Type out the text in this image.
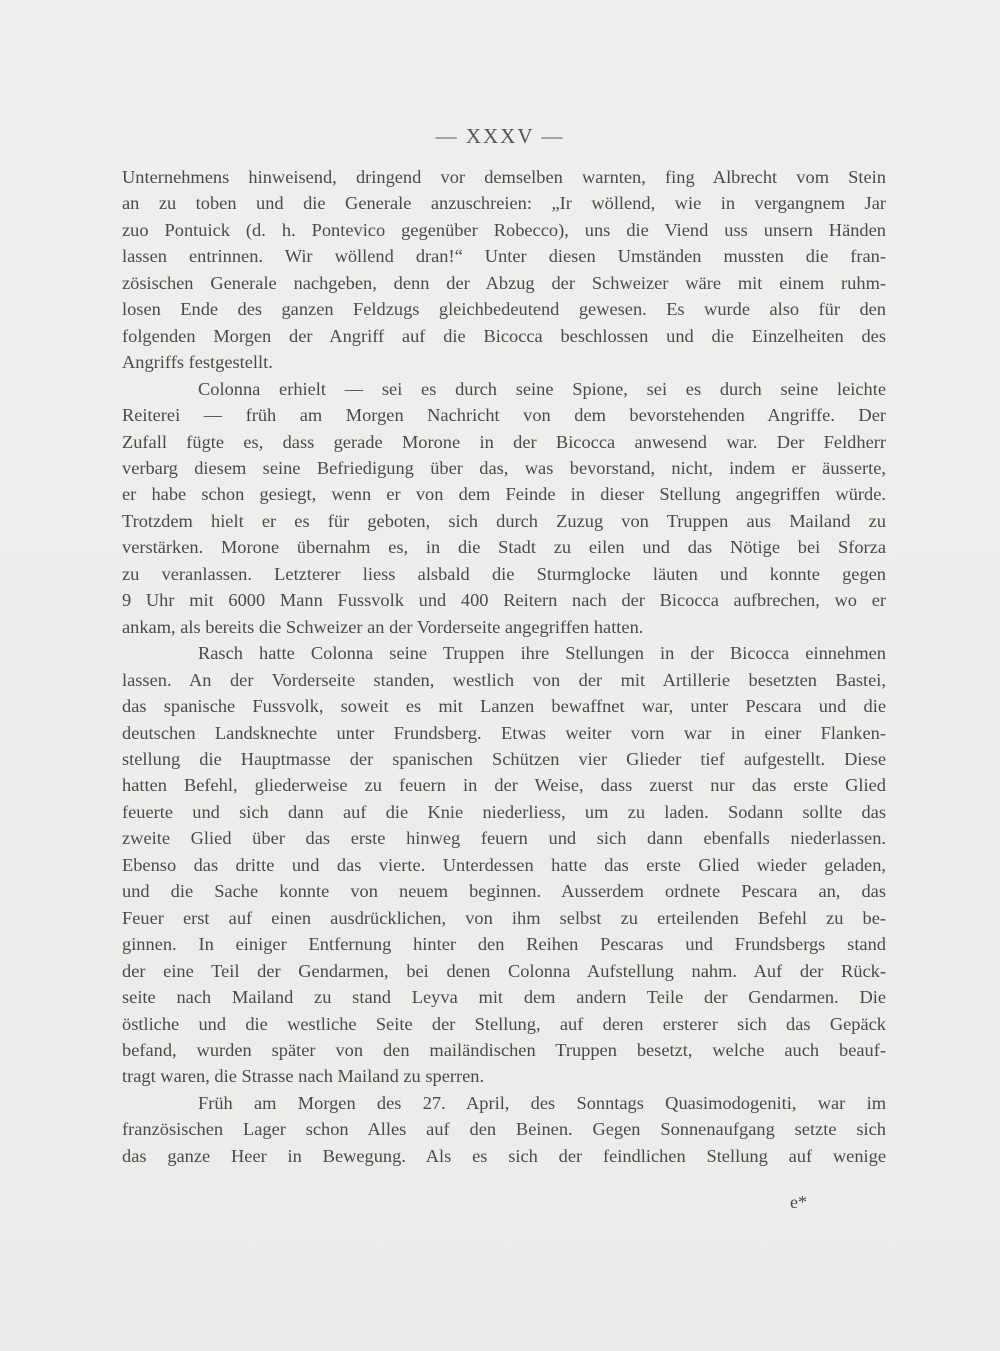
— XXXV —
Unternehmens hinweisend, dringend vor demselben warnten, fing Albrecht vom Stein
an zu toben und die Generale anzuschreien: „Ir wöllend, wie in vergangnem Jar
zuo Pontuick (d. h. Pontevico gegenüber Robecco), uns die Viend uss unsern Händen
lassen entrinnen. Wir wöllend dran!“ Unter diesen Umständen mussten die fran-
zösischen Generale nachgeben, denn der Abzug der Schweizer wäre mit einem ruhm-
losen Ende des ganzen Feldzugs gleichbedeutend gewesen. Es wurde also für den
folgenden Morgen der Angriff auf die Bicocca beschlossen und die Einzelheiten des
Angriffs festgestellt.
Colonna erhielt — sei es durch seine Spione, sei es durch seine leichte
Reiterei — früh am Morgen Nachricht von dem bevorstehenden Angriffe. Der
Zufall fügte es, dass gerade Morone in der Bicocca anwesend war. Der Feldherr
verbarg diesem seine Befriedigung über das, was bevorstand, nicht, indem er äusserte,
er habe schon gesiegt, wenn er von dem Feinde in dieser Stellung angegriffen würde.
Trotzdem hielt er es für geboten, sich durch Zuzug von Truppen aus Mailand zu
verstärken. Morone übernahm es, in die Stadt zu eilen und das Nötige bei Sforza
zu veranlassen. Letzterer liess alsbald die Sturmglocke läuten und konnte gegen
9 Uhr mit 6000 Mann Fussvolk und 400 Reitern nach der Bicocca aufbrechen, wo er
ankam, als bereits die Schweizer an der Vorderseite angegriffen hatten.
Rasch hatte Colonna seine Truppen ihre Stellungen in der Bicocca einnehmen
lassen. An der Vorderseite standen, westlich von der mit Artillerie besetzten Bastei,
das spanische Fussvolk, soweit es mit Lanzen bewaffnet war, unter Pescara und die
deutschen Landsknechte unter Frundsberg. Etwas weiter vorn war in einer Flanken-
stellung die Hauptmasse der spanischen Schützen vier Glieder tief aufgestellt. Diese
hatten Befehl, gliederweise zu feuern in der Weise, dass zuerst nur das erste Glied
feuerte und sich dann auf die Knie niederliess, um zu laden. Sodann sollte das
zweite Glied über das erste hinweg feuern und sich dann ebenfalls niederlassen.
Ebenso das dritte und das vierte. Unterdessen hatte das erste Glied wieder geladen,
und die Sache konnte von neuem beginnen. Ausserdem ordnete Pescara an, das
Feuer erst auf einen ausdrücklichen, von ihm selbst zu erteilenden Befehl zu be-
ginnen. In einiger Entfernung hinter den Reihen Pescaras und Frundsbergs stand
der eine Teil der Gendarmen, bei denen Colonna Aufstellung nahm. Auf der Rück-
seite nach Mailand zu stand Leyva mit dem andern Teile der Gendarmen. Die
östliche und die westliche Seite der Stellung, auf deren ersterer sich das Gepäck
befand, wurden später von den mailändischen Truppen besetzt, welche auch beauf-
tragt waren, die Strasse nach Mailand zu sperren.
Früh am Morgen des 27. April, des Sonntags Quasimodogeniti, war im
französischen Lager schon Alles auf den Beinen. Gegen Sonnenaufgang setzte sich
das ganze Heer in Bewegung. Als es sich der feindlichen Stellung auf wenige
e*
